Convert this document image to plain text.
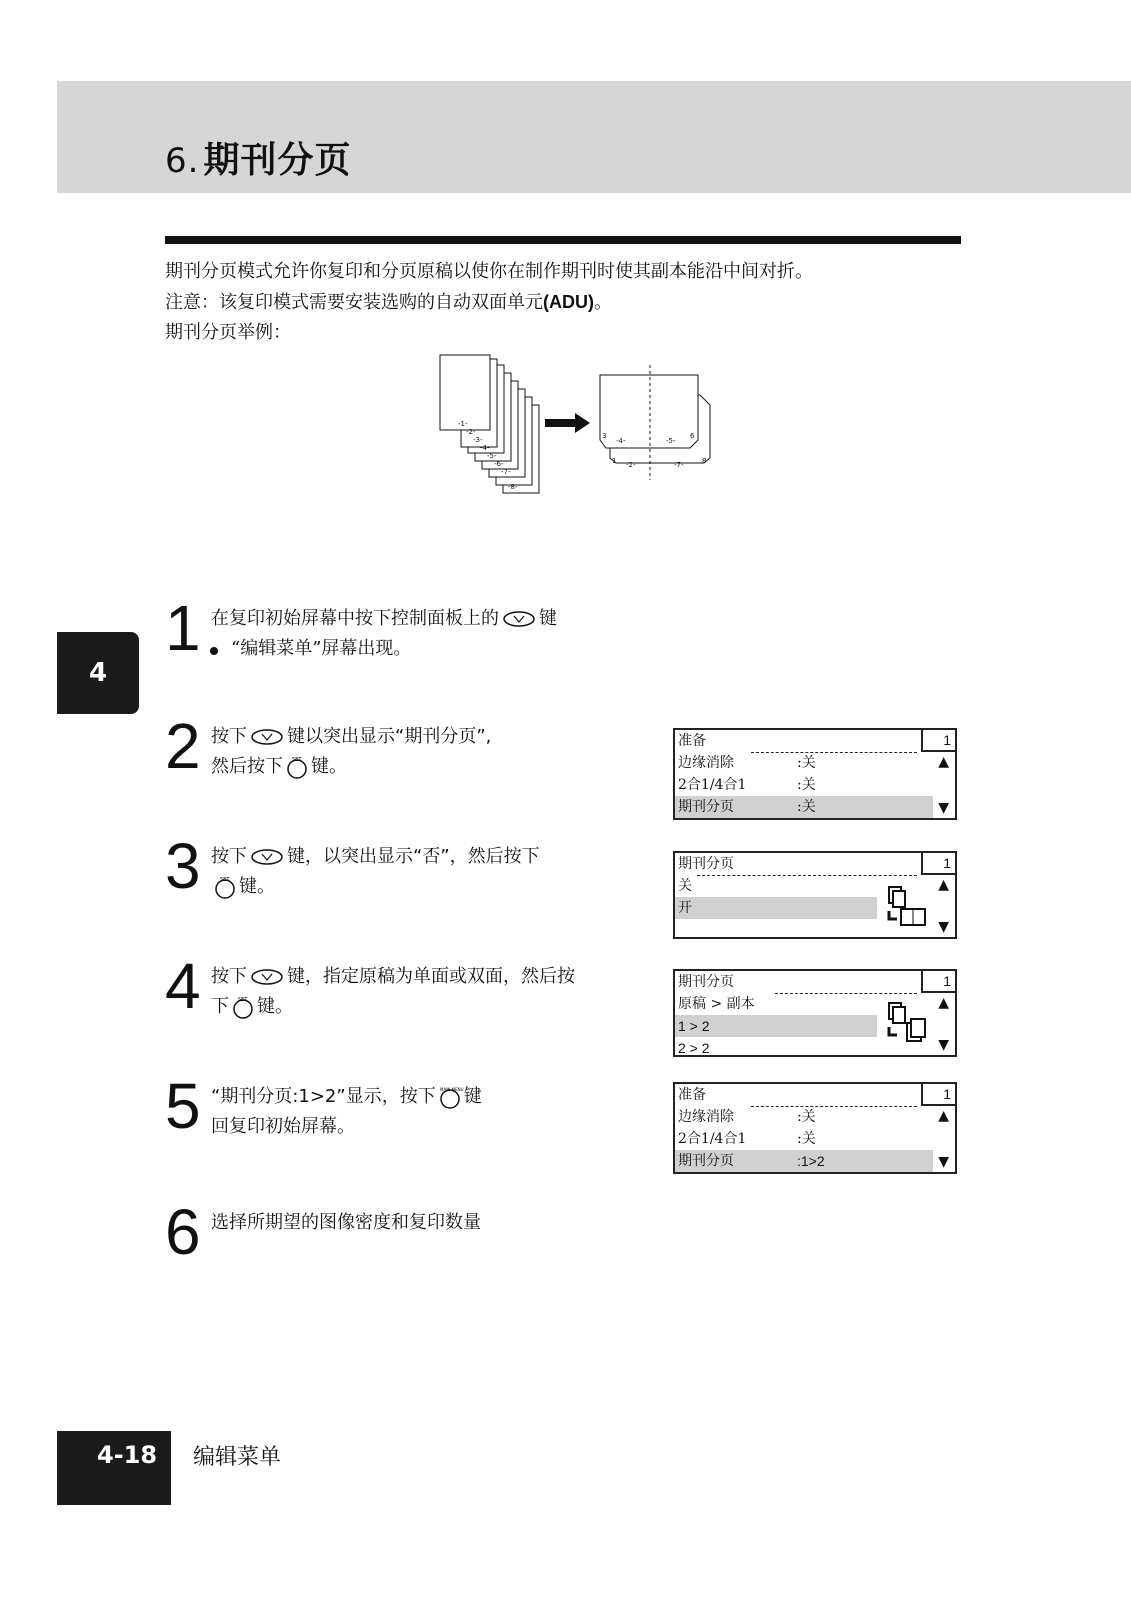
6. 期刊分页
期刊分页模式允许你复印和分页原稿以使你在制作期刊时使其副本能沿中间对折。
注意：该复印模式需要安装选购的自动双面单元(ADU)。
期刊分页举例：
-1-
-2-
-3-
-4-
-5-
-6-
-7-
-8-
3
-4-	-5-
6
1 -2-	-7-	8
4
1 在复印初始屏幕中按下控制面板上的 键
“编辑菜单”屏幕出现。
2 按下 键以突出显示“期刊分页”,
然后按下 SET 键。
3 按下 键，以突出显示“否”，然后按下
SET 键。
4 按下 键，指定原稿为单面或双面，然后按
下 SET 键。
5 “期刊分页:1>2”显示，按下 MAIN MENU 键
回复印初始屏幕。
6 选择所期望的图像密度和复印数量
1
准备
边缘消除	:关
2合1/4合1	:关
期刊分页	:关
▲
▼
1
期刊分页
关
开
▲
▼
1
期刊分页
原稿 > 副本
1 > 2
2 > 2
▲
▼
1
准备
边缘消除	:关
2合1/4合1	:关
期刊分页	:1>2
▲
▼
4-18 编辑菜单
